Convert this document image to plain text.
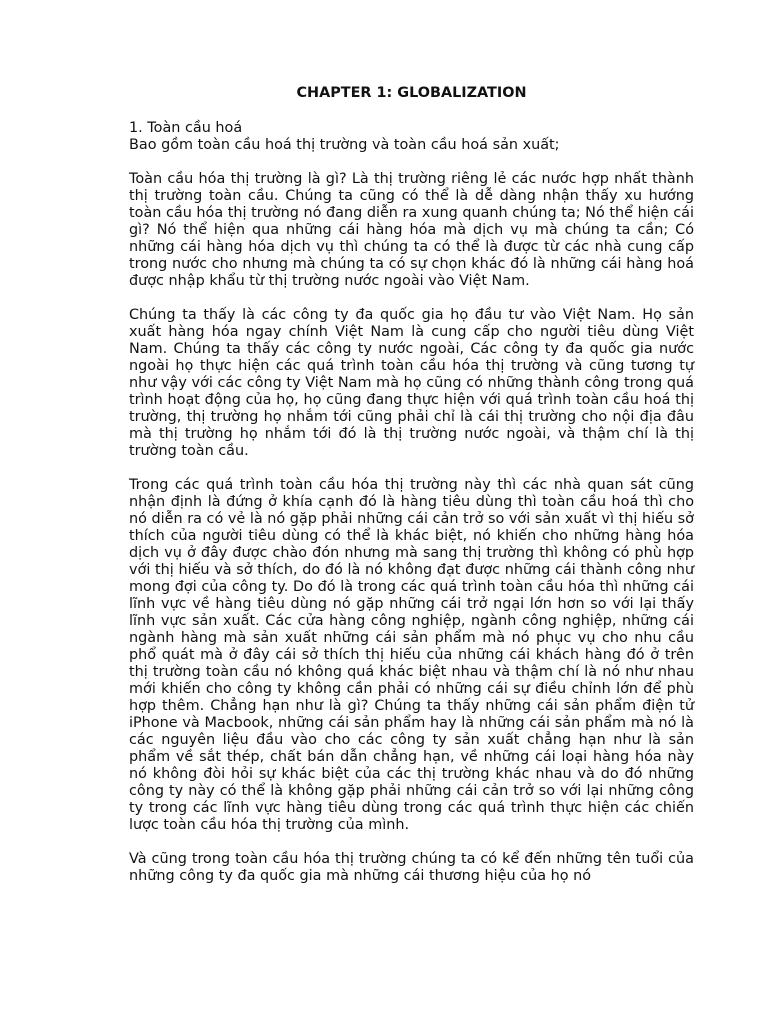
CHAPTER 1: GLOBALIZATION
1. Toàn cầu hoá
Bao gồm toàn cầu hoá thị trường và toàn cầu hoá sản xuất;

Toàn cầu hóa thị trường là gì? Là thị trường riêng lẻ các nước hợp nhất thành thị trường toàn cầu. Chúng ta cũng có thể là dễ dàng nhận thấy xu hướng toàn cầu hóa thị trường nó đang diễn ra xung quanh chúng ta; Nó thể hiện cái gì? Nó thể hiện qua những cái hàng hóa mà dịch vụ mà chúng ta cần; Có những cái hàng hóa dịch vụ thì chúng ta có thể là được từ các nhà cung cấp trong nước cho nhưng mà chúng ta có sự chọn khác đó là những cái hàng hoá được nhập khẩu từ thị trường nước ngoài vào Việt Nam.

Chúng ta thấy là các công ty đa quốc gia họ đầu tư vào Việt Nam. Họ sản xuất hàng hóa ngay chính Việt Nam là cung cấp cho người tiêu dùng Việt Nam. Chúng ta thấy các công ty nước ngoài, Các công ty đa quốc gia nước ngoài họ thực hiện các quá trình toàn cầu hóa thị trường và cũng tương tự như vậy với các công ty Việt Nam mà họ cũng có những thành công trong quá trình hoạt động của họ, họ cũng đang thực hiện với quá trình toàn cầu hoá thị trường, thị trường họ nhắm tới cũng phải chỉ là cái thị trường cho nội địa đâu mà thị trường họ nhắm tới đó là thị trường nước ngoài, và thậm chí là thị trường toàn cầu.

Trong các quá trình toàn cầu hóa thị trường này thì các nhà quan sát cũng nhận định là đứng ở khía cạnh đó là hàng tiêu dùng thì toàn cầu hoá thì cho nó diễn ra có vẻ là nó gặp phải những cái cản trở so với sản xuất vì thị hiếu sở thích của người tiêu dùng có thể là khác biệt, nó khiến cho những hàng hóa dịch vụ ở đây được chào đón nhưng mà sang thị trường thì không có phù hợp với thị hiếu và sở thích, do đó là nó không đạt được những cái thành công như mong đợi của công ty. Do đó là trong các quá trình toàn cầu hóa thì những cái lĩnh vực về hàng tiêu dùng nó gặp những cái trở ngại lớn hơn so với lại thấy lĩnh vực sản xuất. Các cửa hàng công nghiệp, ngành công nghiệp, những cái ngành hàng mà sản xuất những cái sản phẩm mà nó phục vụ cho nhu cầu phổ quát mà ở đây cái sở thích thị hiếu của những cái khách hàng đó ở trên thị trường toàn cầu nó không quá khác biệt nhau và thậm chí là nó như nhau mới khiến cho công ty không cần phải có những cái sự điều chỉnh lớn để phù hợp thêm. Chẳng hạn như là gì? Chúng ta thấy những cái sản phẩm điện tử iPhone và Macbook, những cái sản phẩm hay là những cái sản phẩm mà nó là các nguyên liệu đầu vào cho các công ty sản xuất chẳng hạn như là sản phẩm về sắt thép, chất bán dẫn chẳng hạn, về những cái loại hàng hóa này nó không đòi hỏi sự khác biệt của các thị trường khác nhau và do đó những công ty này có thể là không gặp phải những cái cản trở so với lại những công ty trong các lĩnh vực hàng tiêu dùng trong các quá trình thực hiện các chiến lược toàn cầu hóa thị trường của mình.

Và cũng trong toàn cầu hóa thị trường chúng ta có kể đến những tên tuổi của những công ty đa quốc gia mà những cái thương hiệu của họ nó
